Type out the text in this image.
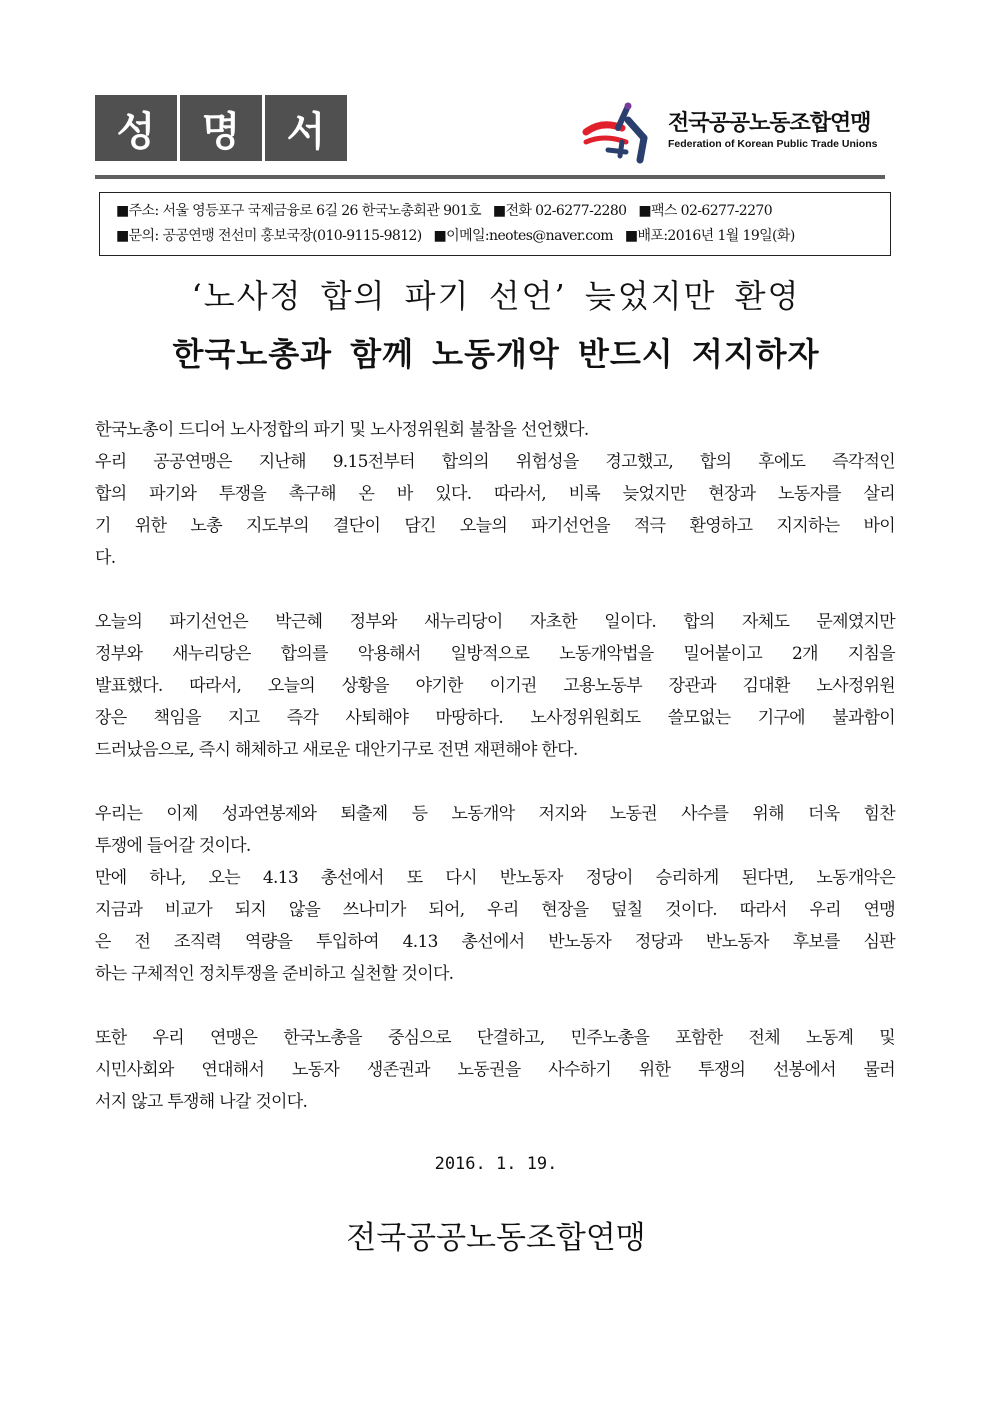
성	명	서	전국공공노동조합연맹
Federation of Korean Public Trade Unions
■주소: 서울 영등포구 국제금융로 6길 26 한국노총회관 901호 ■전화 02-6277-2280 ■팩스 02-6277-2270
■문의: 공공연맹 전선미 홍보국장(010-9115-9812) ■이메일:neotes@naver.com ■배포:2016년 1월 19일(화)
‘노사정 합의 파기 선언’ 늦었지만 환영
한국노총과 함께 노동개악 반드시 저지하자
한국노총이 드디어 노사정합의 파기 및 노사정위원회 불참을 선언했다.
우리 공공연맹은 지난해 9.15전부터 합의의 위험성을 경고했고, 합의 후에도 즉각적인
합의 파기와 투쟁을 촉구해 온 바 있다. 따라서, 비록 늦었지만 현장과 노동자를 살리
기 위한 노총 지도부의 결단이 담긴 오늘의 파기선언을 적극 환영하고 지지하는 바이
다.
오늘의 파기선언은 박근혜 정부와 새누리당이 자초한 일이다. 합의 자체도 문제였지만
정부와 새누리당은 합의를 악용해서 일방적으로 노동개악법을 밀어붙이고 2개 지침을
발표했다. 따라서, 오늘의 상황을 야기한 이기권 고용노동부 장관과 김대환 노사정위원
장은 책임을 지고 즉각 사퇴해야 마땅하다. 노사정위원회도 쓸모없는 기구에 불과함이
드러났음으로, 즉시 해체하고 새로운 대안기구로 전면 재편해야 한다.
우리는 이제 성과연봉제와 퇴출제 등 노동개악 저지와 노동권 사수를 위해 더욱 힘찬
투쟁에 들어갈 것이다.
만에 하나, 오는 4.13 총선에서 또 다시 반노동자 정당이 승리하게 된다면, 노동개악은
지금과 비교가 되지 않을 쓰나미가 되어, 우리 현장을 덮칠 것이다. 따라서 우리 연맹
은 전 조직력 역량을 투입하여 4.13 총선에서 반노동자 정당과 반노동자 후보를 심판
하는 구체적인 정치투쟁을 준비하고 실천할 것이다.
또한 우리 연맹은 한국노총을 중심으로 단결하고, 민주노총을 포함한 전체 노동계 및
시민사회와 연대해서 노동자 생존권과 노동권을 사수하기 위한 투쟁의 선봉에서 물러
서지 않고 투쟁해 나갈 것이다.
2016. 1. 19.
전국공공노동조합연맹
